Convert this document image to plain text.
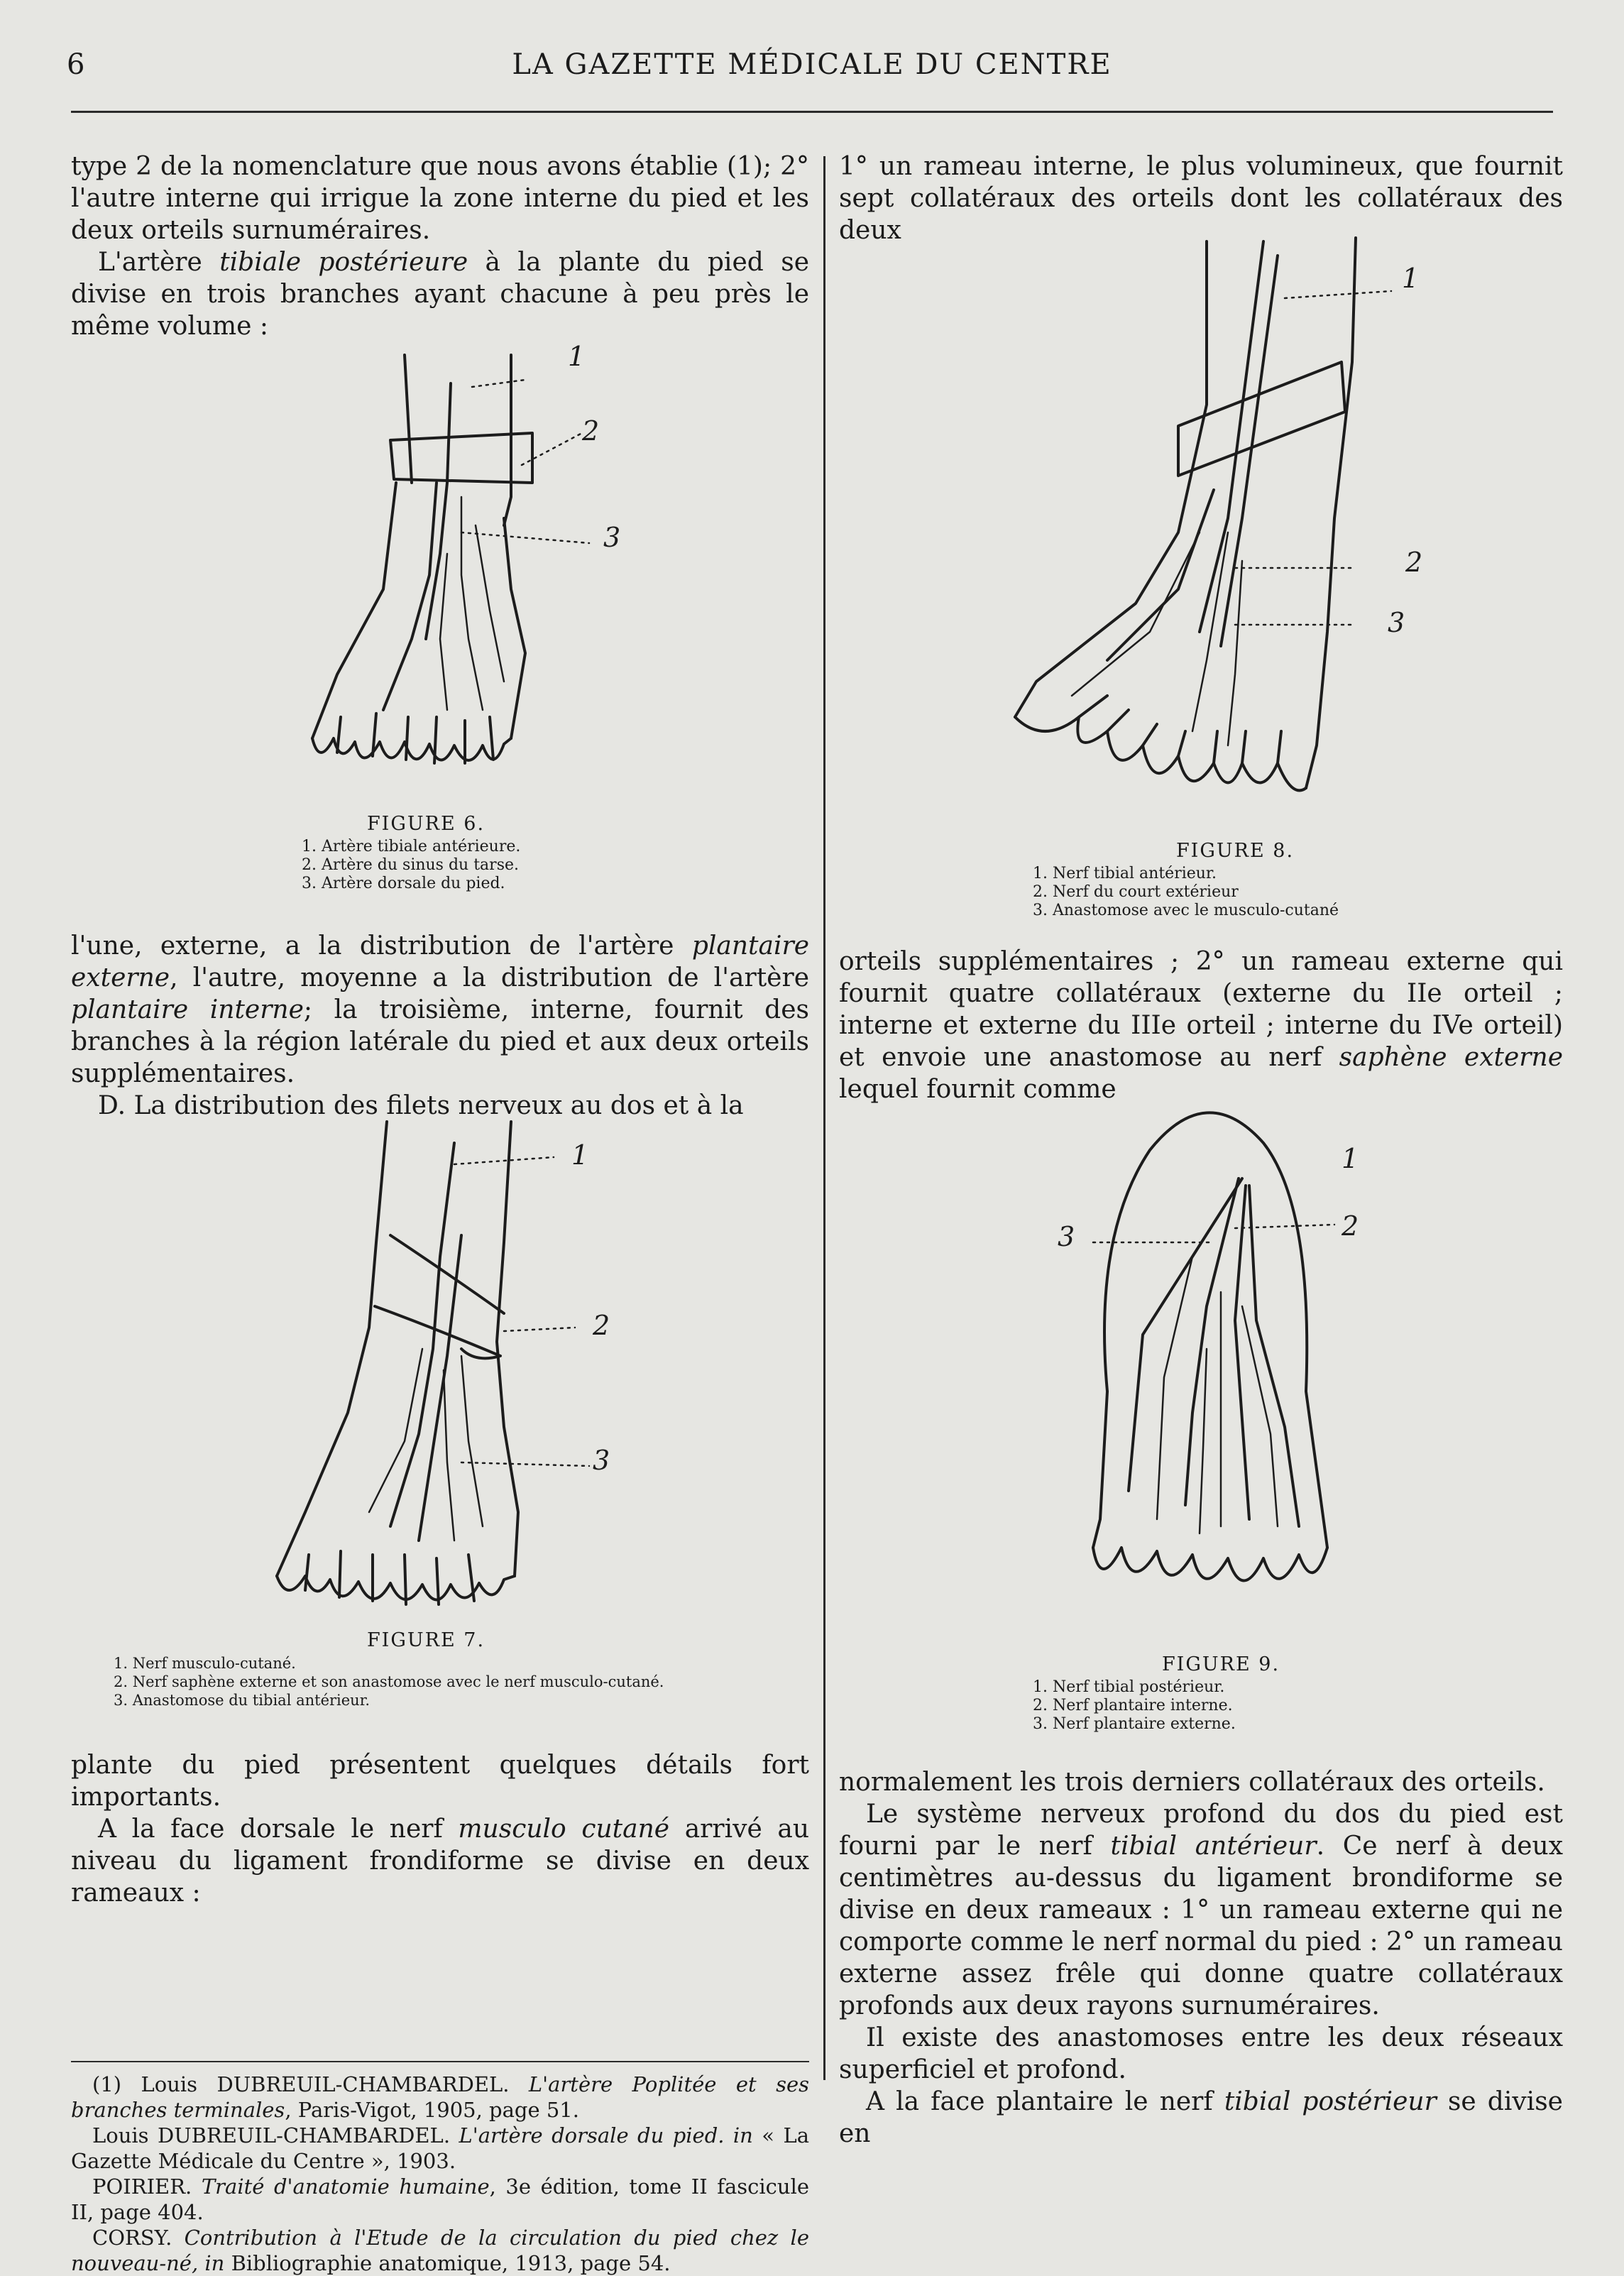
6	LA GAZETTE MÉDICALE DU CENTRE

type 2 de la nomenclature que nous avons établie (1); 2° l'autre interne qui irrigue la zone interne du pied et les deux orteils surnuméraires.

L'artère tibiale postérieure à la plante du pied se divise en trois branches ayant chacune à peu près le même volume :

1
2
3
FIGURE 6.
1. Artère tibiale antérieure.
2. Artère du sinus du tarse.
3. Artère dorsale du pied.

l'une, externe, a la distribution de l'artère plantaire externe, l'autre, moyenne a la distribution de l'artère plantaire interne; la troisième, interne, fournit des branches à la région latérale du pied et aux deux orteils supplémentaires.

D. La distribution des filets nerveux au dos et à la

1
2
3
FIGURE 7.
1. Nerf musculo-cutané.
2. Nerf saphène externe et son anastomose avec le nerf musculo-cutané.
3. Anastomose du tibial antérieur.

plante du pied présentent quelques détails fort importants.

A la face dorsale le nerf musculo cutané arrivé au niveau du ligament frondiforme se divise en deux rameaux :

(1) Louis DUBREUIL-CHAMBARDEL. L'artère Poplitée et ses branches terminales, Paris-Vigot, 1905, page 51.

Louis DUBREUIL-CHAMBARDEL. L'artère dorsale du pied. in « La Gazette Médicale du Centre », 1903.

POIRIER. Traité d'anatomie humaine, 3e édition, tome II fascicule II, page 404.

CORSY. Contribution à l'Etude de la circulation du pied chez le nouveau-né, in Bibliographie anatomique, 1913, page 54.

1° un rameau interne, le plus volumineux, que fournit sept collatéraux des orteils dont les collatéraux des deux

1
2
3
FIGURE 8.
1. Nerf tibial antérieur.
2. Nerf du court extérieur
3. Anastomose avec le musculo-cutané

orteils supplémentaires ; 2° un rameau externe qui fournit quatre collatéraux (externe du IIe orteil ; interne et externe du IIIe orteil ; interne du IVe orteil) et envoie une anastomose au nerf saphène externe lequel fournit comme

1
2
3
FIGURE 9.
1. Nerf tibial postérieur.
2. Nerf plantaire interne.
3. Nerf plantaire externe.

normalement les trois derniers collatéraux des orteils.

Le système nerveux profond du dos du pied est fourni par le nerf tibial antérieur. Ce nerf à deux centimètres au-dessus du ligament brondiforme se divise en deux rameaux : 1° un rameau externe qui ne comporte comme le nerf normal du pied : 2° un rameau externe assez frêle qui donne quatre collatéraux profonds aux deux rayons surnuméraires.

Il existe des anastomoses entre les deux réseaux superficiel et profond.

A la face plantaire le nerf tibial postérieur se divise en
